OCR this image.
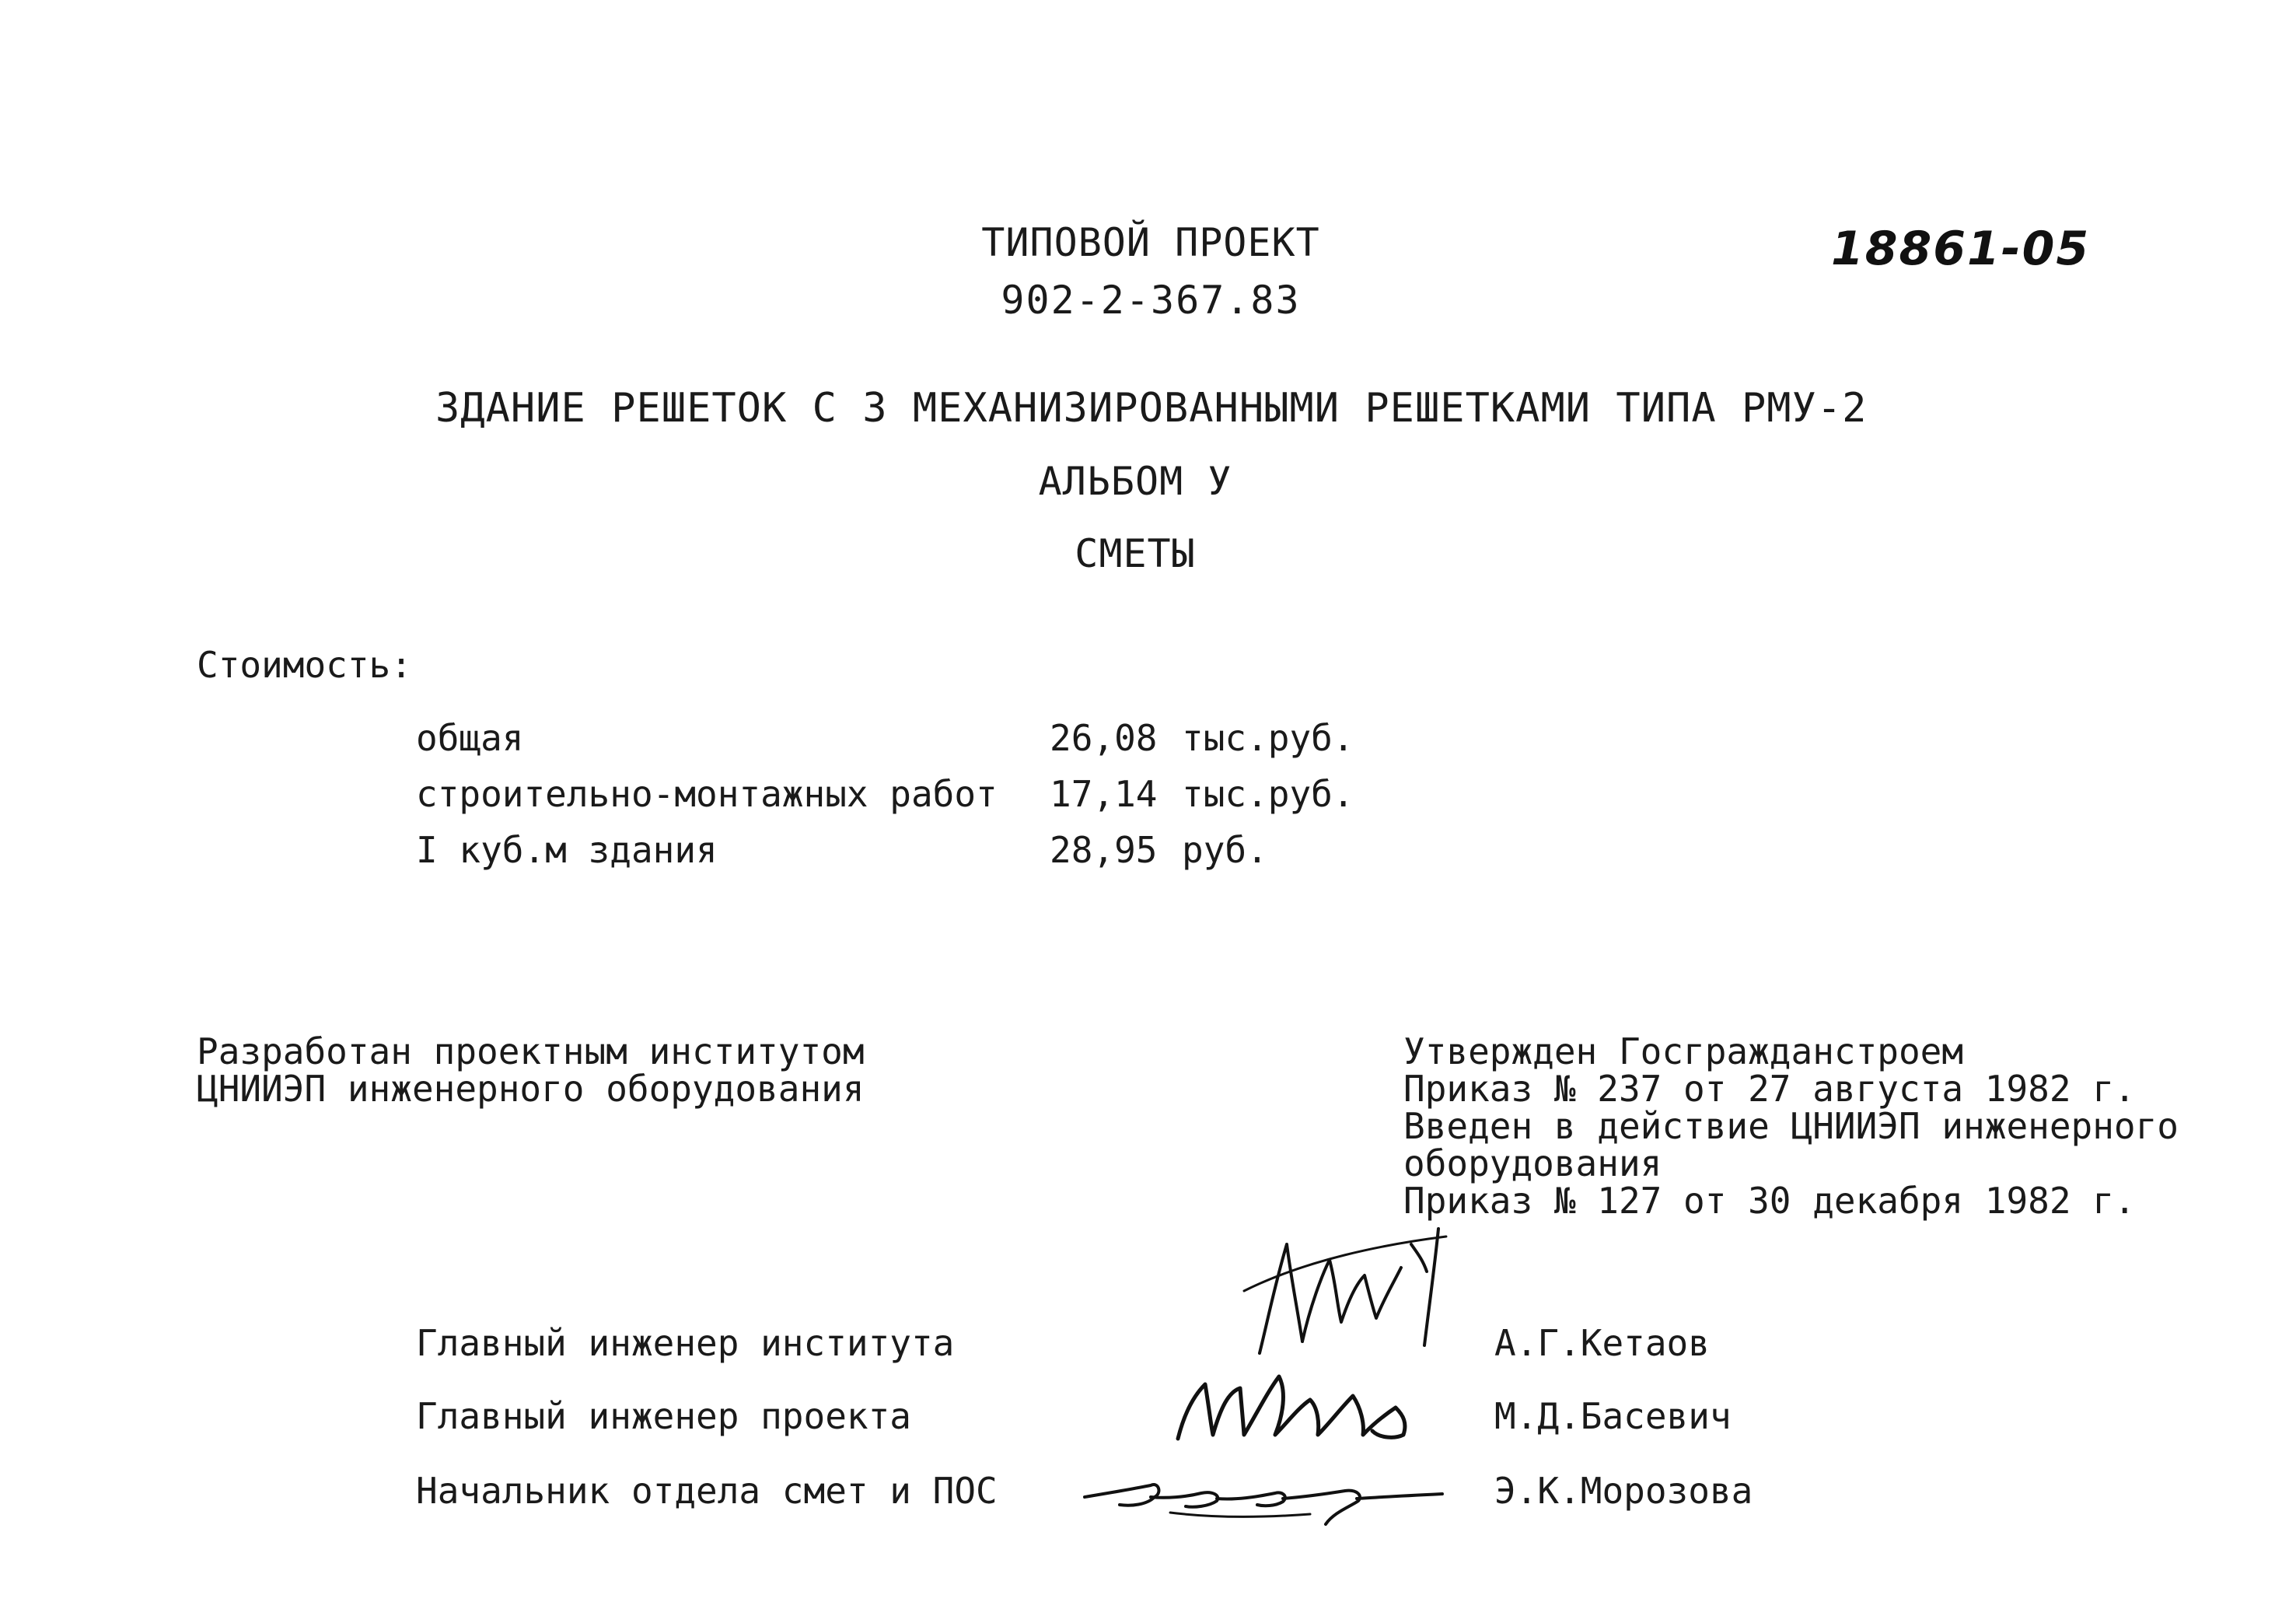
18861-05
ТИПОВОЙ ПРОЕКТ
902-2-367.83
ЗДАНИЕ РЕШЕТОК С 3 МЕХАНИЗИРОВАННЫМИ РЕШЕТКАМИ ТИПА РМУ-2
АЛЬБОМ У
СМЕТЫ
Стоимость:
общая	26,08 тыс.руб.
строительно-монтажных работ 17,14 тыс.руб.
I куб.м здания	28,95 руб.
Разработан проектным институтом
ЦНИИЭП инженерного оборудования
Утвержден Госгражданстроем
Приказ № 237 от 27 августа 1982 г.
Введен в действие ЦНИИЭП инженерного
оборудования
Приказ № 127 от 30 декабря 1982 г.
Главный инженер института	А.Г.Кетаов
Главный инженер проекта	М.Д.Басевич
Начальник отдела смет и ПОС	Э.К.Морозова
